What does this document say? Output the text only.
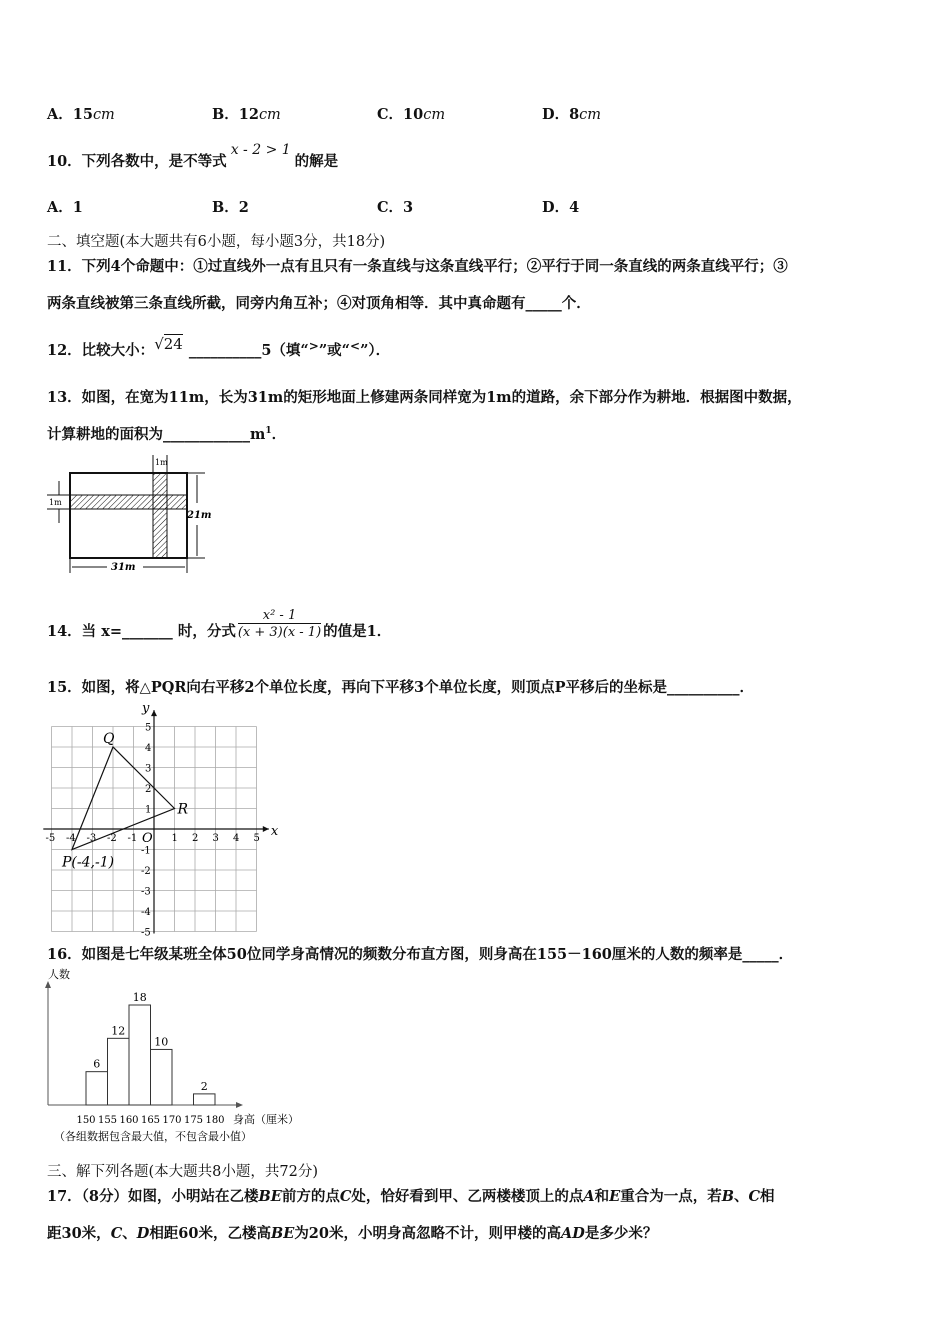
A．15cm	B．12cm	C．10cm	D．8cm
10．下列各数中，是不等式x - 2 > 1的解是
A．1	B．2	C．3	D．4
二、填空题(本大题共有6小题，每小题3分，共18分)
11．下列4个命题中：①过直线外一点有且只有一条直线与这条直线平行；②平行于同一条直线的两条直线平行；③
两条直线被第三条直线所截，同旁内角互补；④对顶角相等．其中真命题有_____个．
12．比较大小：√24 __________5（填“>”或“<”）．
13．如图，在宽为11m，长为31m的矩形地面上修建两条同样宽为1m的道路，余下部分作为耕地．根据图中数据，
计算耕地的面积为$\_\_\_\_\_\_\_\_\_\_\_\_m^1$．
1m
1m
21m
31m
14．当 x=_______ 时，分式 $\frac{\text{x² - 1}}{(x + 3)(x - 1)}$ 的值是1．
15．如图，将△PQR向右平移2个单位长度，再向下平移3个单位长度，则顶点P平移后的坐标是__________．
x
y
O
-5 -4 -3 -2 -1	1 2 3 4 5
5
4
3
2
1
-1
-2
-3
-4
-5
Q
R
P(-4,-1)
16．如图是七年级某班全体50位同学身高情况的频数分布直方图，则身高在155－160厘米的人数的频率是_____．
人数
身高（厘米）
（各组数据包含最大值，不包含最小值）
6
12
18
10
2
150 155 160 165 170 175 180
三、解下列各题(本大题共8小题，共72分)
17．（8分）如图，小明站在乙楼BE前方的点C处，恰好看到甲、乙两楼楼顶上的点A和E重合为一点，若B、C相
距30米，C、D相距60米，乙楼高BE为20米，小明身高忽略不计，则甲楼的高AD是多少米？
